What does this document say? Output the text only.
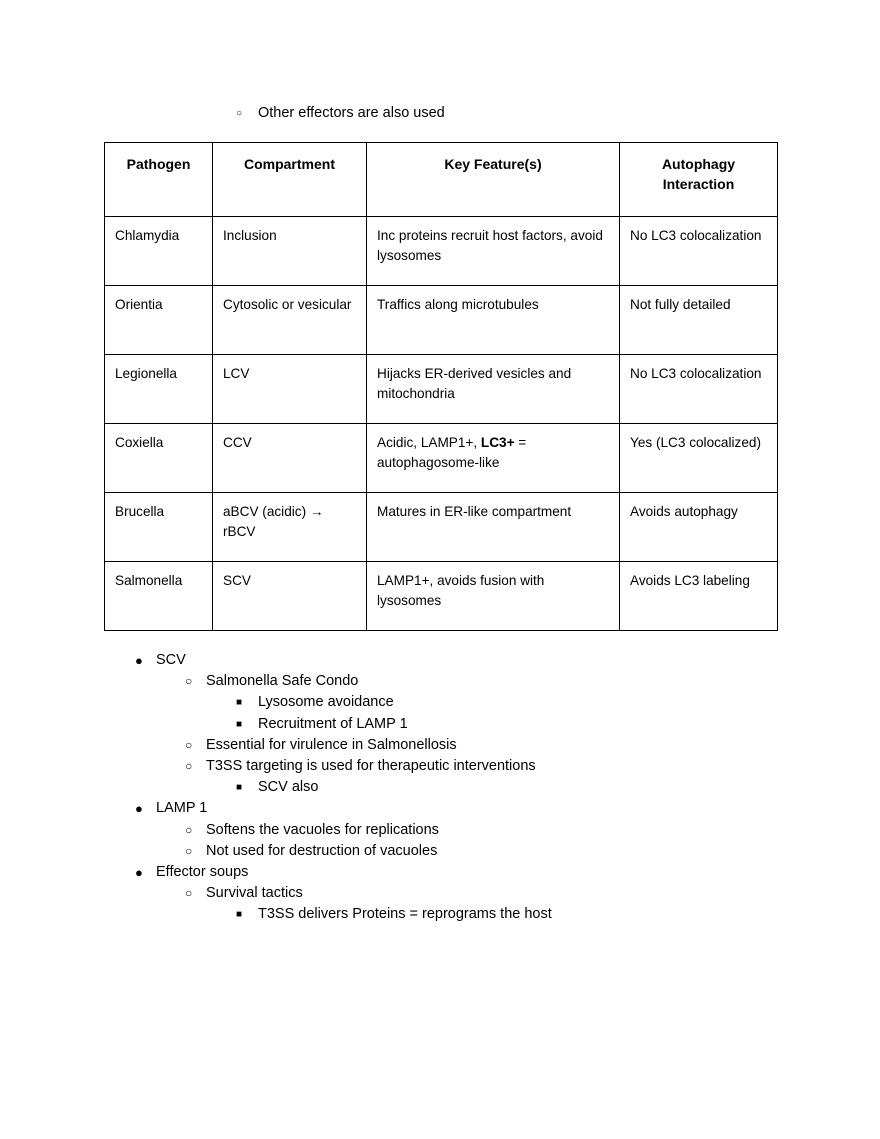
○	Other effectors are also used
Pathogen	Compartment	Key Feature(s)	Autophagy
Interaction
Chlamydia	Inclusion	Inc proteins recruit host factors, avoid lysosomes	No LC3 colocalization
Orientia	Cytosolic or vesicular	Traffics along microtubules	Not fully detailed
Legionella	LCV	Hijacks ER-derived vesicles and mitochondria	No LC3 colocalization
Coxiella	CCV	Acidic, LAMP1+, LC3+ = autophagosome-like	Yes (LC3 colocalized)
Brucella	aBCV (acidic) → rBCV	Matures in ER-like compartment	Avoids autophagy
Salmonella	SCV	LAMP1+, avoids fusion with lysosomes	Avoids LC3 labeling
● SCV
○ Salmonella Safe Condo
■	Lysosome avoidance
■	Recruitment of LAMP 1
○ Essential for virulence in Salmonellosis
○ T3SS targeting is used for therapeutic interventions
■	SCV also
● LAMP 1
○ Softens the vacuoles for replications
○ Not used for destruction of vacuoles
● Effector soups
○ Survival tactics
■	T3SS delivers Proteins = reprograms the host
